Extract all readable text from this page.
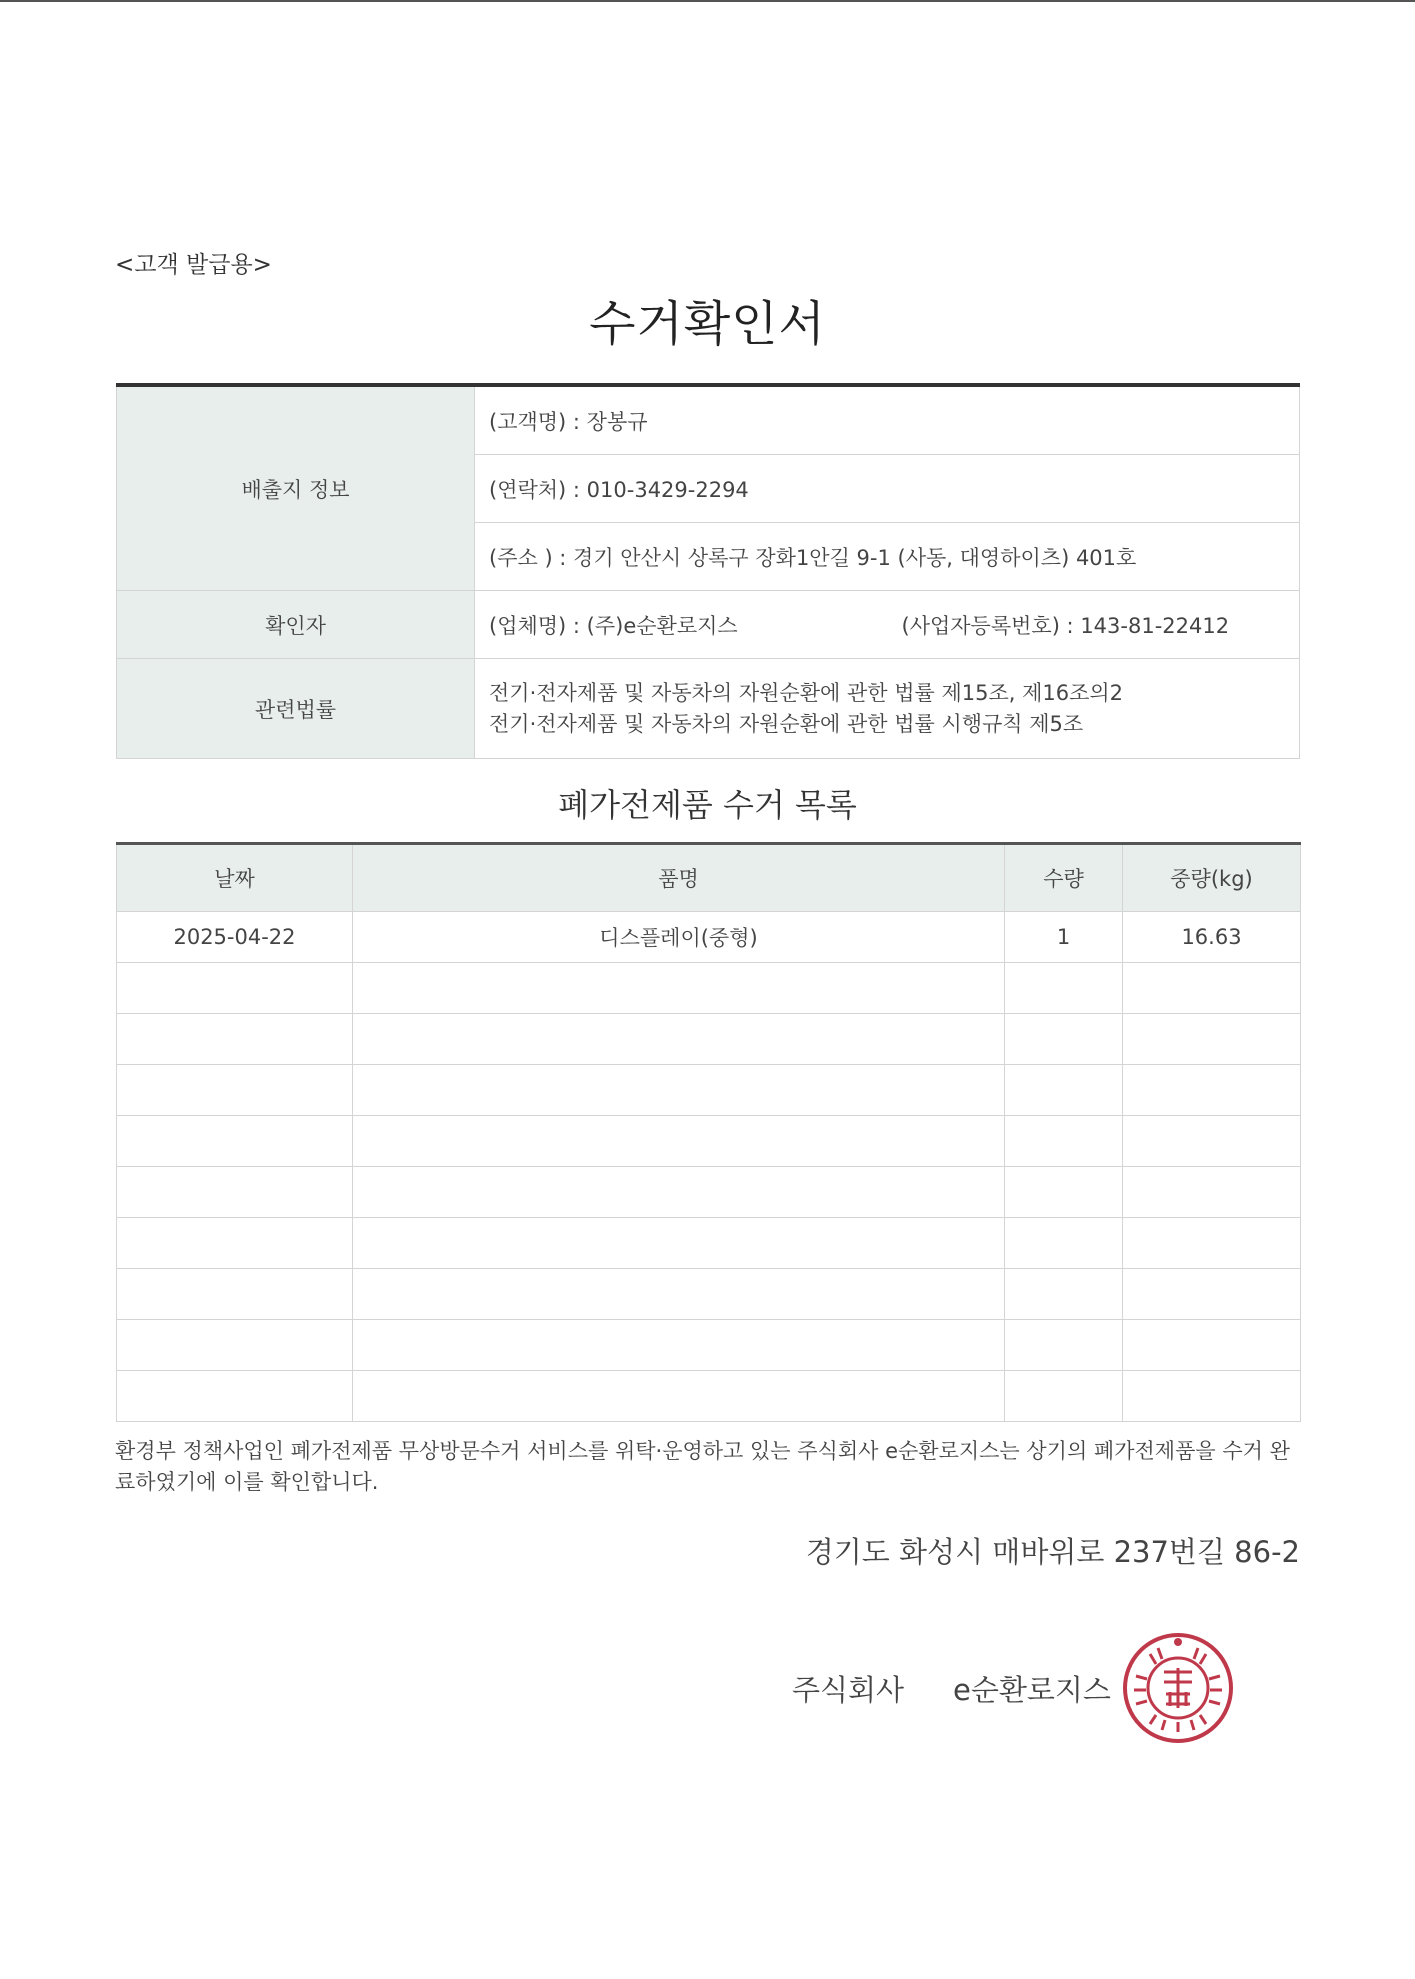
<고객 발급용>
수거확인서
배출지 정보	(고객명) : 장봉규
	(연락처) : 010-3429-2294
	(주소 ) : 경기 안산시 상록구 장화1안길 9-1 (사동, 대영하이츠) 401호
확인자	(업체명) : (주)e순환로지스 (사업자등록번호) : 143-81-22412

관련법률	전기·전자제품 및 자동차의 자원순환에 관한 법률 제15조, 제16조의2
전기·전자제품 및 자동차의 자원순환에 관한 법률 시행규칙 제5조
폐가전제품 수거 목록
날짜	품명	수량	중량(kg)
2025-04-22	디스플레이(중형)	1	16.63

환경부 정책사업인 폐가전제품 무상방문수거 서비스를 위탁·운영하고 있는 주식회사 e순환로지스는 상기의 폐가전제품을 수거 완료하였기에 이를 확인합니다.
경기도 화성시 매바위로 237번길 86-2
주식회사 e순환로지스
